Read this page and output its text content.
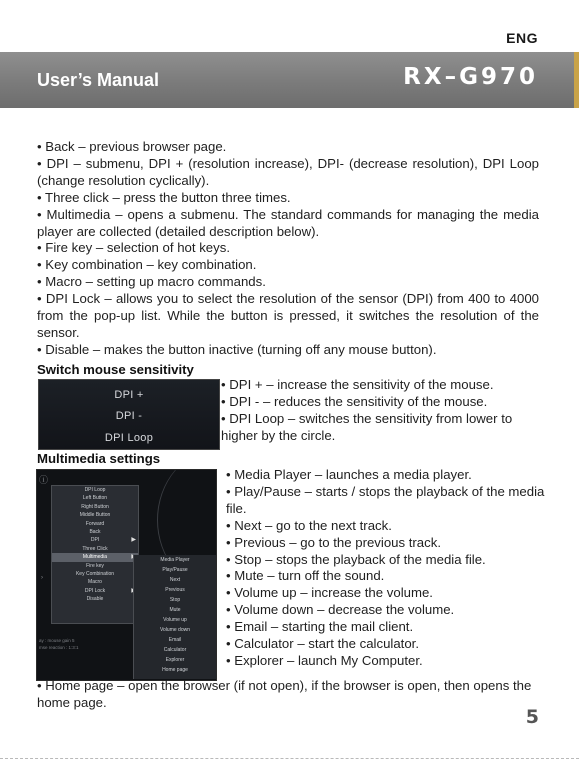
ENG
User’s Manual	RX–G970

• Back – previous browser page.

• DPI – submenu, DPI + (resolution increase), DPI- (decrease resolution), DPI Loop (change resolution cyclically).

• Three click – press the button three times.

• Multimedia – opens a submenu. The standard commands for managing the media player are collected (detailed description below).

• Fire key – selection of hot keys.

• Key combination – key combination.

• Macro – setting up macro commands.

• DPI Lock – allows you to select the resolution of the sensor (DPI) from 400 to 4000 from the pop-up list. While the button is pressed, it switches the resolution of the sensor.

• Disable – makes the button inactive (turning off any mouse button).

Switch mouse sensitivity
DPI +
DPI -
DPI Loop

• DPI + – increase the sensitivity of the mouse.

• DPI - – reduces the sensitivity of the mouse.

• DPI Loop – switches the sensitivity from lower to higher by the circle.

Multimedia settings
ⓘ
›
DPI Loop
Left Button
Right Button
Middle Button
Forward
Back
DPI	▶
Three Click
Multimedia
Fire key
Key Combination
Macro
DPI Lock
Disable
Media Player
Play/Pause
Next
Previous
Stop
Mute
Volume up
Volume down
Email
Calculator
Explorer
Home page
ay : mouse gain 5
mse reaction : 1:3:1

• Media Player – launches a media player.

• Play/Pause – starts / stops the playback of the media file.

• Next – go to the next track.

• Previous – go to the previous track.

• Stop – stops the playback of the media file.

• Mute – turn off the sound.

• Volume up – increase the volume.

• Volume down – decrease the volume.

• Email – starting the mail client.

• Calculator – start the calculator.

• Explorer – launch My Computer.

• Home page – open the browser (if not open), if the browser is open, then opens the home page.

5
